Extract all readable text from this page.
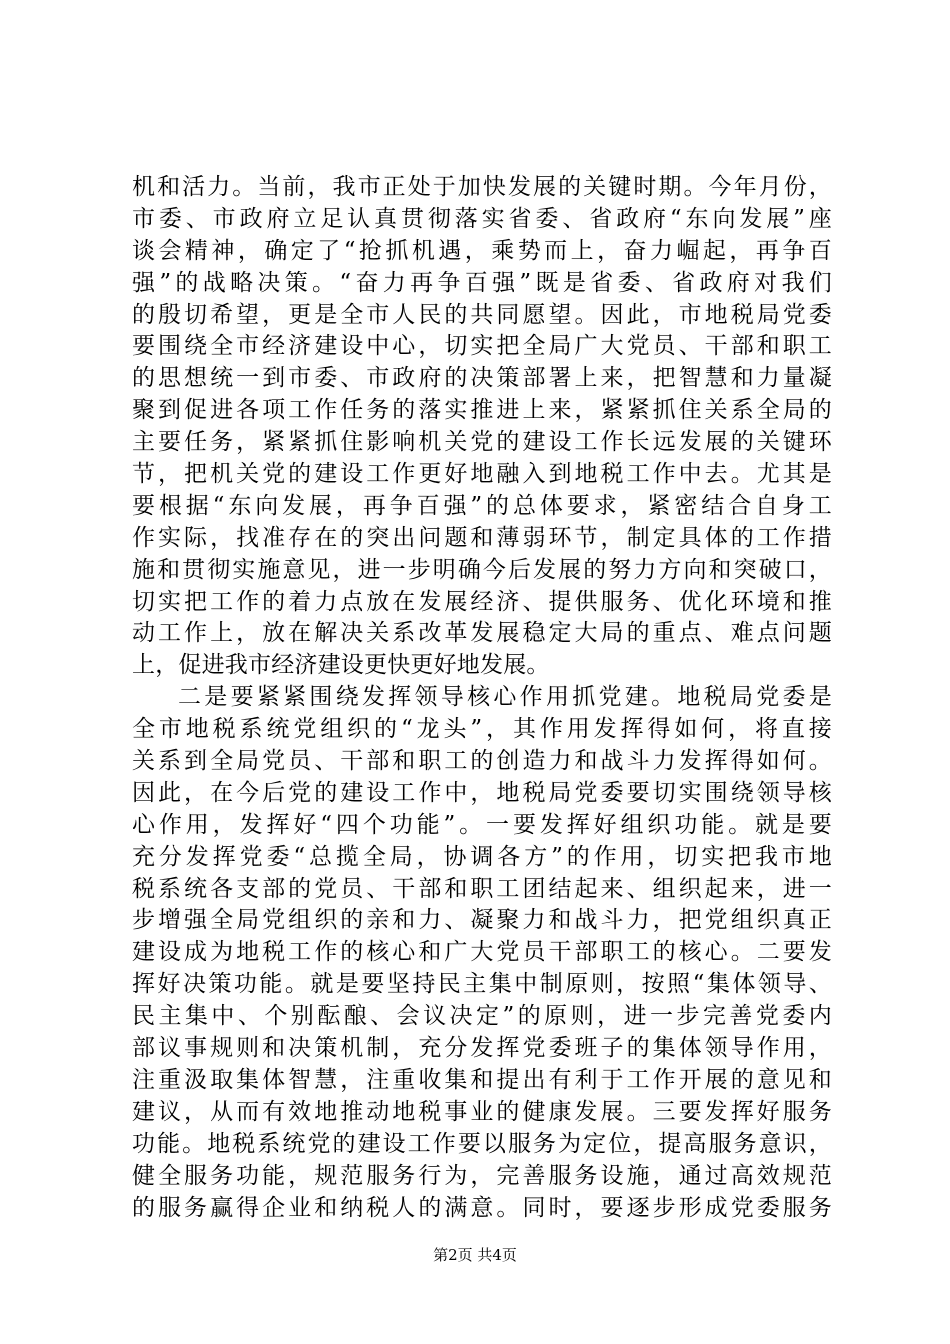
机和活力。当前，我市正处于加快发展的关键时期。今年月份，
市委、市政府立足认真贯彻落实省委、省政府“东向发展”座
谈会精神，确定了“抢抓机遇，乘势而上，奋力崛起，再争百
强”的战略决策。“奋力再争百强”既是省委、省政府对我们
的殷切希望，更是全市人民的共同愿望。因此，市地税局党委
要围绕全市经济建设中心，切实把全局广大党员、干部和职工
的思想统一到市委、市政府的决策部署上来，把智慧和力量凝
聚到促进各项工作任务的落实推进上来，紧紧抓住关系全局的
主要任务，紧紧抓住影响机关党的建设工作长远发展的关键环
节，把机关党的建设工作更好地融入到地税工作中去。尤其是
要根据“东向发展，再争百强”的总体要求，紧密结合自身工
作实际，找准存在的突出问题和薄弱环节，制定具体的工作措
施和贯彻实施意见，进一步明确今后发展的努力方向和突破口，
切实把工作的着力点放在发展经济、提供服务、优化环境和推
动工作上，放在解决关系改革发展稳定大局的重点、难点问题
上，促进我市经济建设更快更好地发展。
二是要紧紧围绕发挥领导核心作用抓党建。地税局党委是
全市地税系统党组织的“龙头”，其作用发挥得如何，将直接
关系到全局党员、干部和职工的创造力和战斗力发挥得如何。
因此，在今后党的建设工作中，地税局党委要切实围绕领导核
心作用，发挥好“四个功能”。一要发挥好组织功能。就是要
充分发挥党委“总揽全局，协调各方”的作用，切实把我市地
税系统各支部的党员、干部和职工团结起来、组织起来，进一
步增强全局党组织的亲和力、凝聚力和战斗力，把党组织真正
建设成为地税工作的核心和广大党员干部职工的核心。二要发
挥好决策功能。就是要坚持民主集中制原则，按照“集体领导、
民主集中、个别酝酿、会议决定”的原则，进一步完善党委内
部议事规则和决策机制，充分发挥党委班子的集体领导作用，
注重汲取集体智慧，注重收集和提出有利于工作开展的意见和
建议，从而有效地推动地税事业的健康发展。三要发挥好服务
功能。地税系统党的建设工作要以服务为定位，提高服务意识，
健全服务功能，规范服务行为，完善服务设施，通过高效规范
的服务赢得企业和纳税人的满意。同时，要逐步形成党委服务
第2页 共4页
